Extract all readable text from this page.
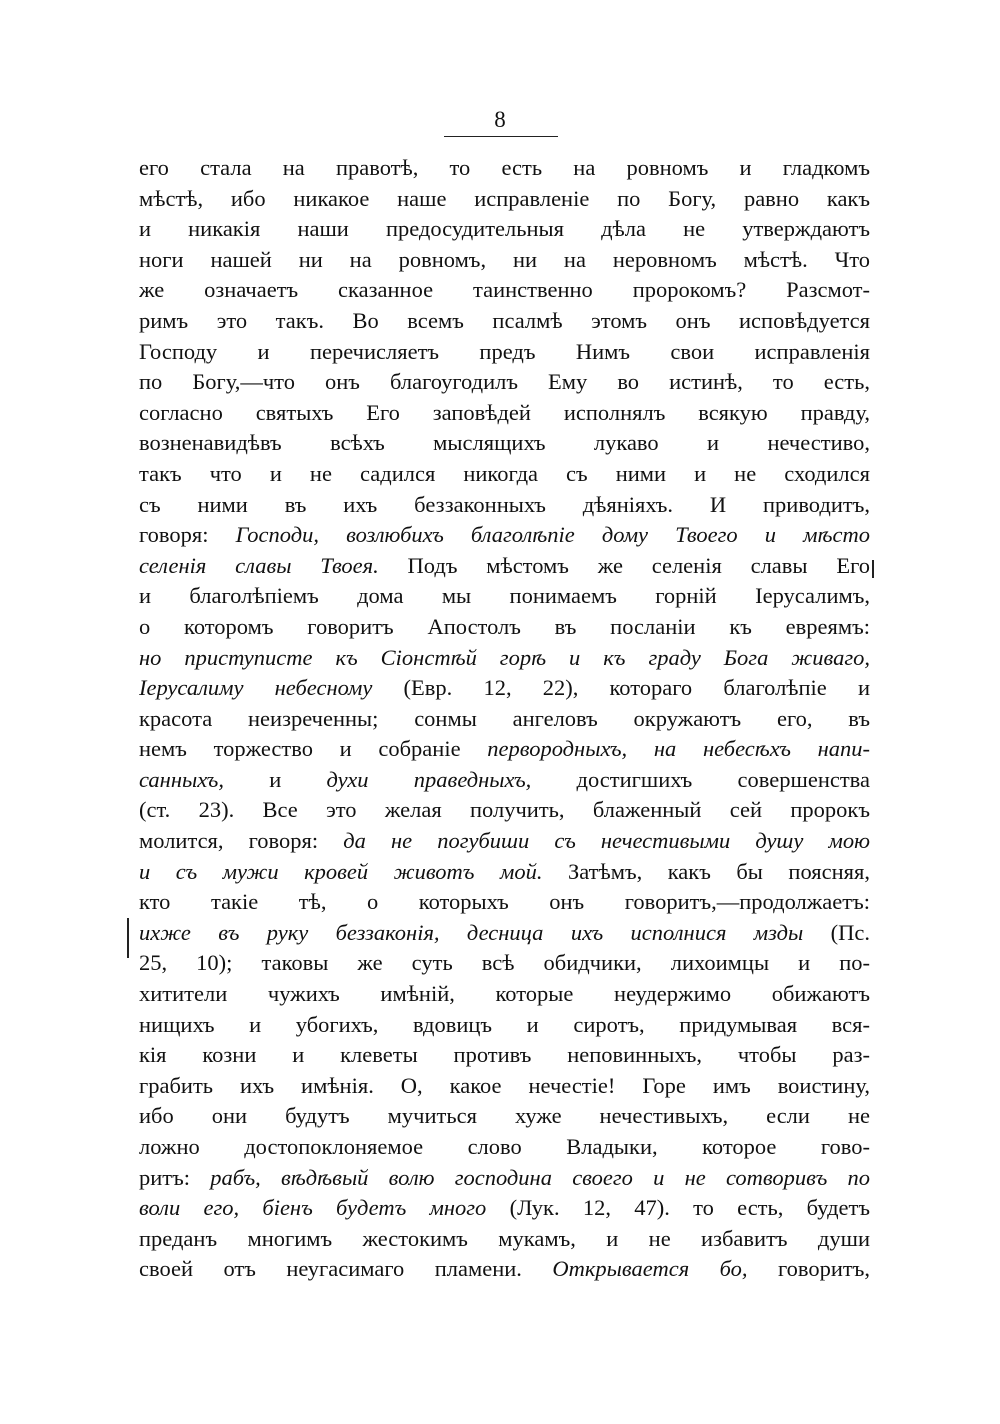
8
его стала на правотѣ, то есть на ровномъ и гладкомъ
мѣстѣ, ибо никакое наше исправленіе по Богу, равно какъ
и никакія наши предосудительныя дѣла не утверждаютъ
ноги нашей ни на ровномъ, ни на неровномъ мѣстѣ. Что
же означаетъ сказанное таинственно пророкомъ? Разсмот-
римъ это такъ. Во всемъ псалмѣ этомъ онъ исповѣдуется
Господу и перечисляетъ предъ Нимъ свои исправленія
по Богу,—что онъ благоугодилъ Ему во истинѣ, то есть,
согласно святыхъ Его заповѣдей исполнялъ всякую правду,
возненавидѣвъ всѣхъ мыслящихъ лукаво и нечестиво,
такъ что и не садился никогда съ ними и не сходился
съ ними въ ихъ беззаконныхъ дѣяніяхъ. И приводитъ,
говоря: Господи, возлюбихъ благолѣпіе дому Твоего и мѣсто
селенія славы Твоея. Подъ мѣстомъ же селенія славы Его
и благолѣпіемъ дома мы понимаемъ горній Іерусалимъ,
о которомъ говоритъ Апостолъ въ посланіи къ евреямъ:
но приступисте къ Сіонстѣй горѣ и къ граду Бога живаго,
Іерусалиму небесному (Евр. 12, 22), котораго благолѣпіе и
красота неизреченны; сонмы ангеловъ окружаютъ его, въ
немъ торжество и собраніе первородныхъ, на небесѣхъ напи-
санныхъ, и духи праведныхъ, достигшихъ совершенства
(ст. 23). Все это желая получить, блаженный сей пророкъ
молится, говоря: да не погубиши съ нечестивыми душу мою
и съ мужи кровей животъ мой. Затѣмъ, какъ бы поясняя,
кто такіе тѣ, о которыхъ онъ говоритъ,—продолжаетъ:
ихже въ руку беззаконія, десница ихъ исполнися мзды (Пс.
25, 10); таковы же суть всѣ обидчики, лихоимцы и по-
хитители чужихъ имѣній, которые неудержимо обижаютъ
нищихъ и убогихъ, вдовицъ и сиротъ, придумывая вся-
кія козни и клеветы противъ неповинныхъ, чтобы раз-
грабить ихъ имѣнія. О, какое нечестіе! Горе имъ воистину,
ибо они будутъ мучиться хуже нечестивыхъ, если не
ложно достопоклоняемое слово Владыки, которое гово-
ритъ: рабъ, вѣдѣвый волю господина своего и не сотворивъ по
воли его, біенъ будетъ много (Лук. 12, 47). то есть, будетъ
преданъ многимъ жестокимъ мукамъ, и не избавитъ души
своей отъ неугасимаго пламени. Открывается бо, говоритъ,
